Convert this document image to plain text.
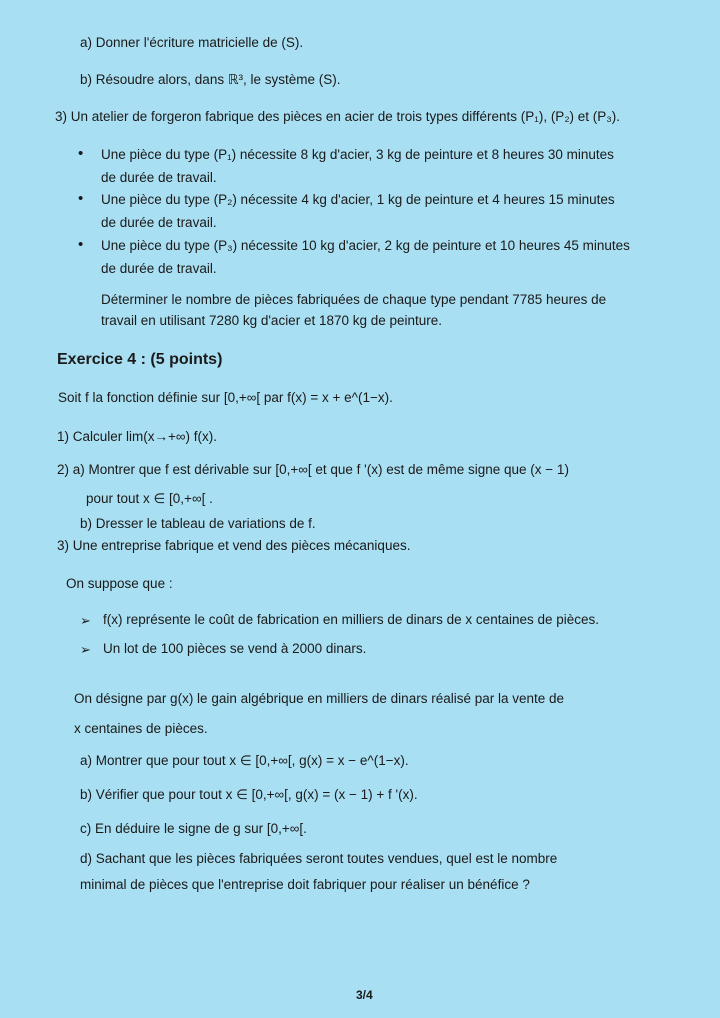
a) Donner l'écriture matricielle de (S).
b) Résoudre alors, dans ℝ³, le système (S).
3) Un atelier de forgeron fabrique des pièces en acier de trois types différents (P₁), (P₂) et (P₃).
• Une pièce du type (P₁) nécessite 8 kg d'acier, 3 kg de peinture et 8 heures 30 minutes
de durée de travail.
• Une pièce du type (P₂) nécessite 4 kg d'acier, 1 kg de peinture et 4 heures 15 minutes
de durée de travail.
• Une pièce du type (P₃) nécessite 10 kg d'acier, 2 kg de peinture et 10 heures 45 minutes
de durée de travail.
Déterminer le nombre de pièces fabriquées de chaque type pendant 7785 heures de
travail en utilisant 7280 kg d'acier et 1870 kg de peinture.
Exercice 4 : (5 points)
Soit f la fonction définie sur [0,+∞[ par f(x) = x + e^(1−x).
1) Calculer lim(x→+∞) f(x).
2) a) Montrer que f est dérivable sur [0,+∞[ et que f '(x) est de même signe que (x − 1)
pour tout x ∈ [0,+∞[ .
b) Dresser le tableau de variations de f.
3) Une entreprise fabrique et vend des pièces mécaniques.
On suppose que :
➢ f(x) représente le coût de fabrication en milliers de dinars de x centaines de pièces.
➢ Un lot de 100 pièces se vend à 2000 dinars.
On désigne par g(x) le gain algébrique en milliers de dinars réalisé par la vente de
x centaines de pièces.
a) Montrer que pour tout x ∈ [0,+∞[, g(x) = x − e^(1−x).
b) Vérifier que pour tout x ∈ [0,+∞[, g(x) = (x − 1) + f '(x).
c) En déduire le signe de g sur [0,+∞[.
d) Sachant que les pièces fabriquées seront toutes vendues, quel est le nombre
minimal de pièces que l'entreprise doit fabriquer pour réaliser un bénéfice ?
3/4
